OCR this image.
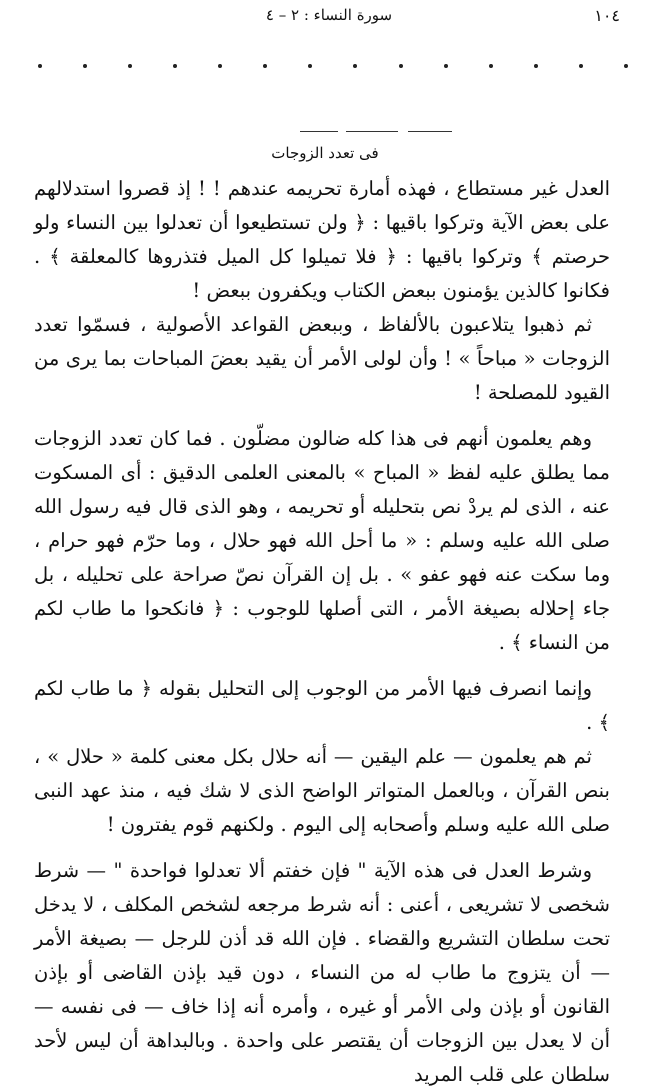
سورة النساء : ٢ – ٤	١٠٤
فى تعدد الزوجات

العدل غير مستطاع ، فهذه أمارة تحريمه عندهم ! ! إذ قصروا استدلالهم على بعض الآية وتركوا باقيها : ﴿ ولن تستطيعوا أن تعدلوا بين النساء ولو حرصتم ﴾ وتركوا باقيها : ﴿ فلا تميلوا كل الميل فتذروها كالمعلقة ﴾ . فكانوا كالذين يؤمنون ببعض الكتاب ويكفرون ببعض !

ثم ذهبوا يتلاعبون بالألفاظ ، وببعض القواعد الأصولية ، فسمّوا تعدد الزوجات « مباحاً » ! وأن لولى الأمر أن يقيد بعضَ المباحات بما يرى من القيود للمصلحة !

وهم يعلمون أنهم فى هذا كله ضالون مضلّون . فما كان تعدد الزوجات مما يطلق عليه لفظ « المباح » بالمعنى العلمى الدقيق : أى المسكوت عنه ، الذى لم يردْ نص بتحليله أو تحريمه ، وهو الذى قال فيه رسول الله صلى الله عليه وسلم : « ما أحل الله فهو حلال ، وما حرّم فهو حرام ، وما سكت عنه فهو عفو » . بل إن القرآن نصّ صراحة على تحليله ، بل جاء إحلاله بصيغة الأمر ، التى أصلها للوجوب : ﴿ فانكحوا ما طاب لكم من النساء ﴾ .

وإنما انصرف فيها الأمر من الوجوب إلى التحليل بقوله ﴿ ما طاب لكم ﴾ .

ثم هم يعلمون — علم اليقين — أنه حلال بكل معنى كلمة « حلال » ، بنص القرآن ، وبالعمل المتواتر الواضح الذى لا شك فيه ، منذ عهد النبى صلى الله عليه وسلم وأصحابه إلى اليوم . ولكنهم قوم يفترون !

وشرط العدل فى هذه الآية " فإن خفتم ألا تعدلوا فواحدة " — شرط شخصى لا تشريعى ، أعنى : أنه شرط مرجعه لشخص المكلف ، لا يدخل تحت سلطان التشريع والقضاء . فإن الله قد أذن للرجل — بصيغة الأمر — أن يتزوج ما طاب له من النساء ، دون قيد بإذن القاضى أو بإذن القانون أو بإذن ولى الأمر أو غيره ، وأمره أنه إذا خاف — فى نفسه — أن لا يعدل بين الزوجات أن يقتصر على واحدة . وبالبداهة أن ليس لأحد سلطان على قلب المريد
